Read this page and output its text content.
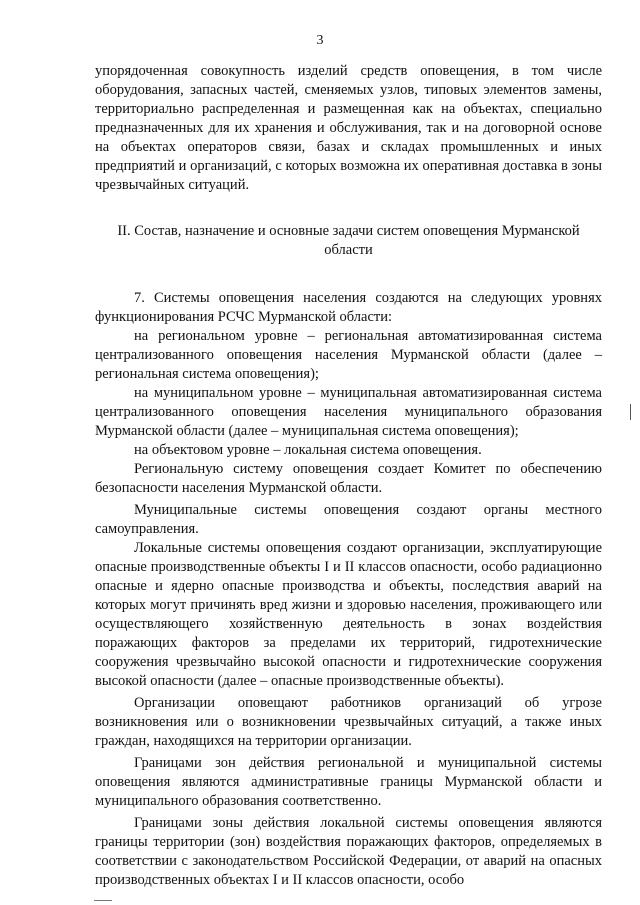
3

упорядоченная совокупность изделий средств оповещения, в том числе оборудования, запасных частей, сменяемых узлов, типовых элементов замены, территориально распределенная и размещенная как на объектах, специально предназначенных для их хранения и обслуживания, так и на договорной основе на объектах операторов связи, базах и складах промышленных и иных предприятий и организаций, с которых возможна их оперативная доставка в зоны чрезвычайных ситуаций.

II. Состав, назначение и основные задачи систем оповещения Мурманской области

7. Системы оповещения населения создаются на следующих уровнях функционирования РСЧС Мурманской области:

на региональном уровне – региональная автоматизированная система централизованного оповещения населения Мурманской области (далее – региональная система оповещения);

на муниципальном уровне – муниципальная автоматизированная система централизованного оповещения населения муниципального образования Мурманской области (далее – муниципальная система оповещения);

на объектовом уровне – локальная система оповещения.

Региональную систему оповещения создает Комитет по обеспечению безопасности населения Мурманской области.

Муниципальные системы оповещения создают органы местного самоуправления.

Локальные системы оповещения создают организации, эксплуатирующие опасные производственные объекты I и II классов опасности, особо радиационно опасные и ядерно опасные производства и объекты, последствия аварий на которых могут причинять вред жизни и здоровью населения, проживающего или осуществляющего хозяйственную деятельность в зонах воздействия поражающих факторов за пределами их территорий, гидротехнические сооружения чрезвычайно высокой опасности и гидротехнические сооружения высокой опасности (далее – опасные производственные объекты).

Организации оповещают работников организаций об угрозе возникновения или о возникновении чрезвычайных ситуаций, а также иных граждан, находящихся на территории организации.

Границами зон действия региональной и муниципальной системы оповещения являются административные границы Мурманской области и муниципального образования соответственно.

Границами зоны действия локальной системы оповещения являются границы территории (зон) воздействия поражающих факторов, определяемых в соответствии с законодательством Российской Федерации, от аварий на опасных производственных объектах I и II классов опасности, особо
